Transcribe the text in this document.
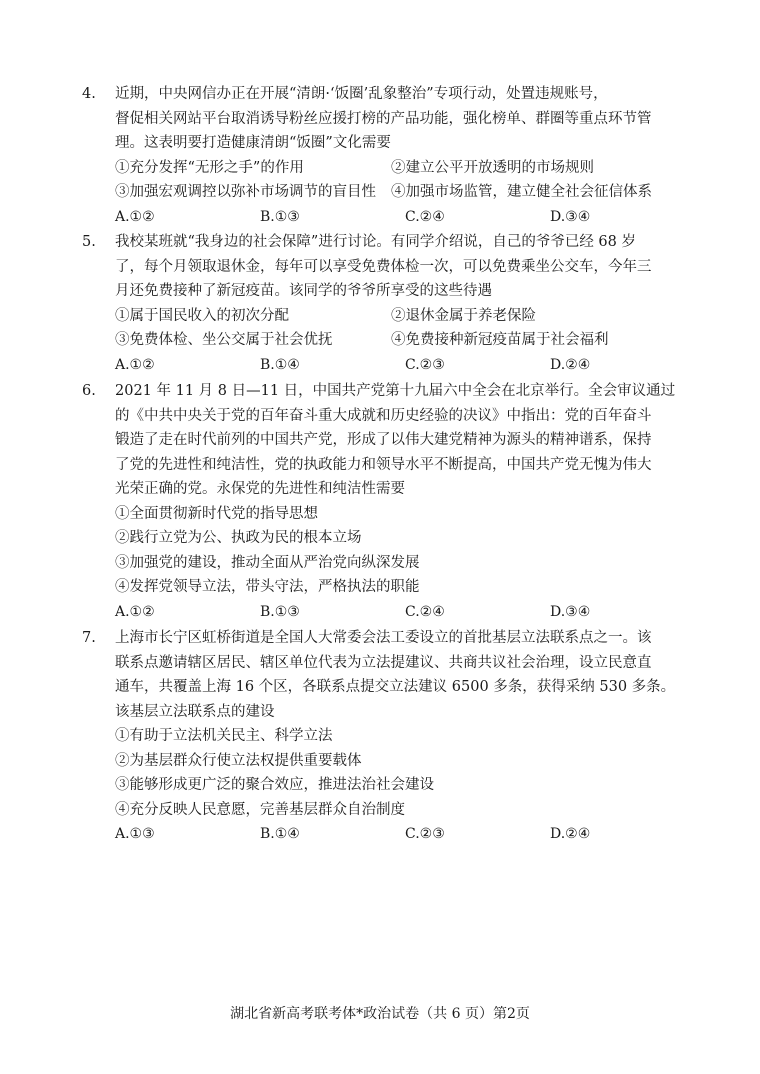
4. 近期，中央网信办正在开展“清朗·‘饭圈’乱象整治”专项行动，处置违规账号，
督促相关网站平台取消诱导粉丝应援打榜的产品功能，强化榜单、群圈等重点环节管
理。这表明要打造健康清朗“饭圈”文化需要
①充分发挥“无形之手”的作用	②建立公平开放透明的市场规则
③加强宏观调控以弥补市场调节的盲目性	④加强市场监管，建立健全社会征信体系
A.①②	B.①③	C.②④	D.③④
5. 我校某班就“我身边的社会保障”进行讨论。有同学介绍说，自己的爷爷已经 68 岁
了，每个月领取退休金，每年可以享受免费体检一次，可以免费乘坐公交车，今年三
月还免费接种了新冠疫苗。该同学的爷爷所享受的这些待遇
①属于国民收入的初次分配	②退休金属于养老保险
③免费体检、坐公交属于社会优抚	④免费接种新冠疫苗属于社会福利
A.①②	B.①④	C.②③	D.②④
6. 2021 年 11 月 8 日—11 日，中国共产党第十九届六中全会在北京举行。全会审议通过
的《中共中央关于党的百年奋斗重大成就和历史经验的决议》中指出：党的百年奋斗
锻造了走在时代前列的中国共产党，形成了以伟大建党精神为源头的精神谱系，保持
了党的先进性和纯洁性，党的执政能力和领导水平不断提高，中国共产党无愧为伟大
光荣正确的党。永保党的先进性和纯洁性需要
①全面贯彻新时代党的指导思想
②践行立党为公、执政为民的根本立场
③加强党的建设，推动全面从严治党向纵深发展
④发挥党领导立法，带头守法，严格执法的职能
A.①②	B.①③	C.②④	D.③④
7. 上海市长宁区虹桥街道是全国人大常委会法工委设立的首批基层立法联系点之一。该
联系点邀请辖区居民、辖区单位代表为立法提建议、共商共议社会治理，设立民意直
通车，共覆盖上海 16 个区，各联系点提交立法建议 6500 多条，获得采纳 530 多条。
该基层立法联系点的建设
①有助于立法机关民主、科学立法
②为基层群众行使立法权提供重要载体
③能够形成更广泛的聚合效应，推进法治社会建设
④充分反映人民意愿，完善基层群众自治制度
A.①③	B.①④	C.②③	D.②④
湖北省新高考联考体*政治试卷（共 6 页）第2页
